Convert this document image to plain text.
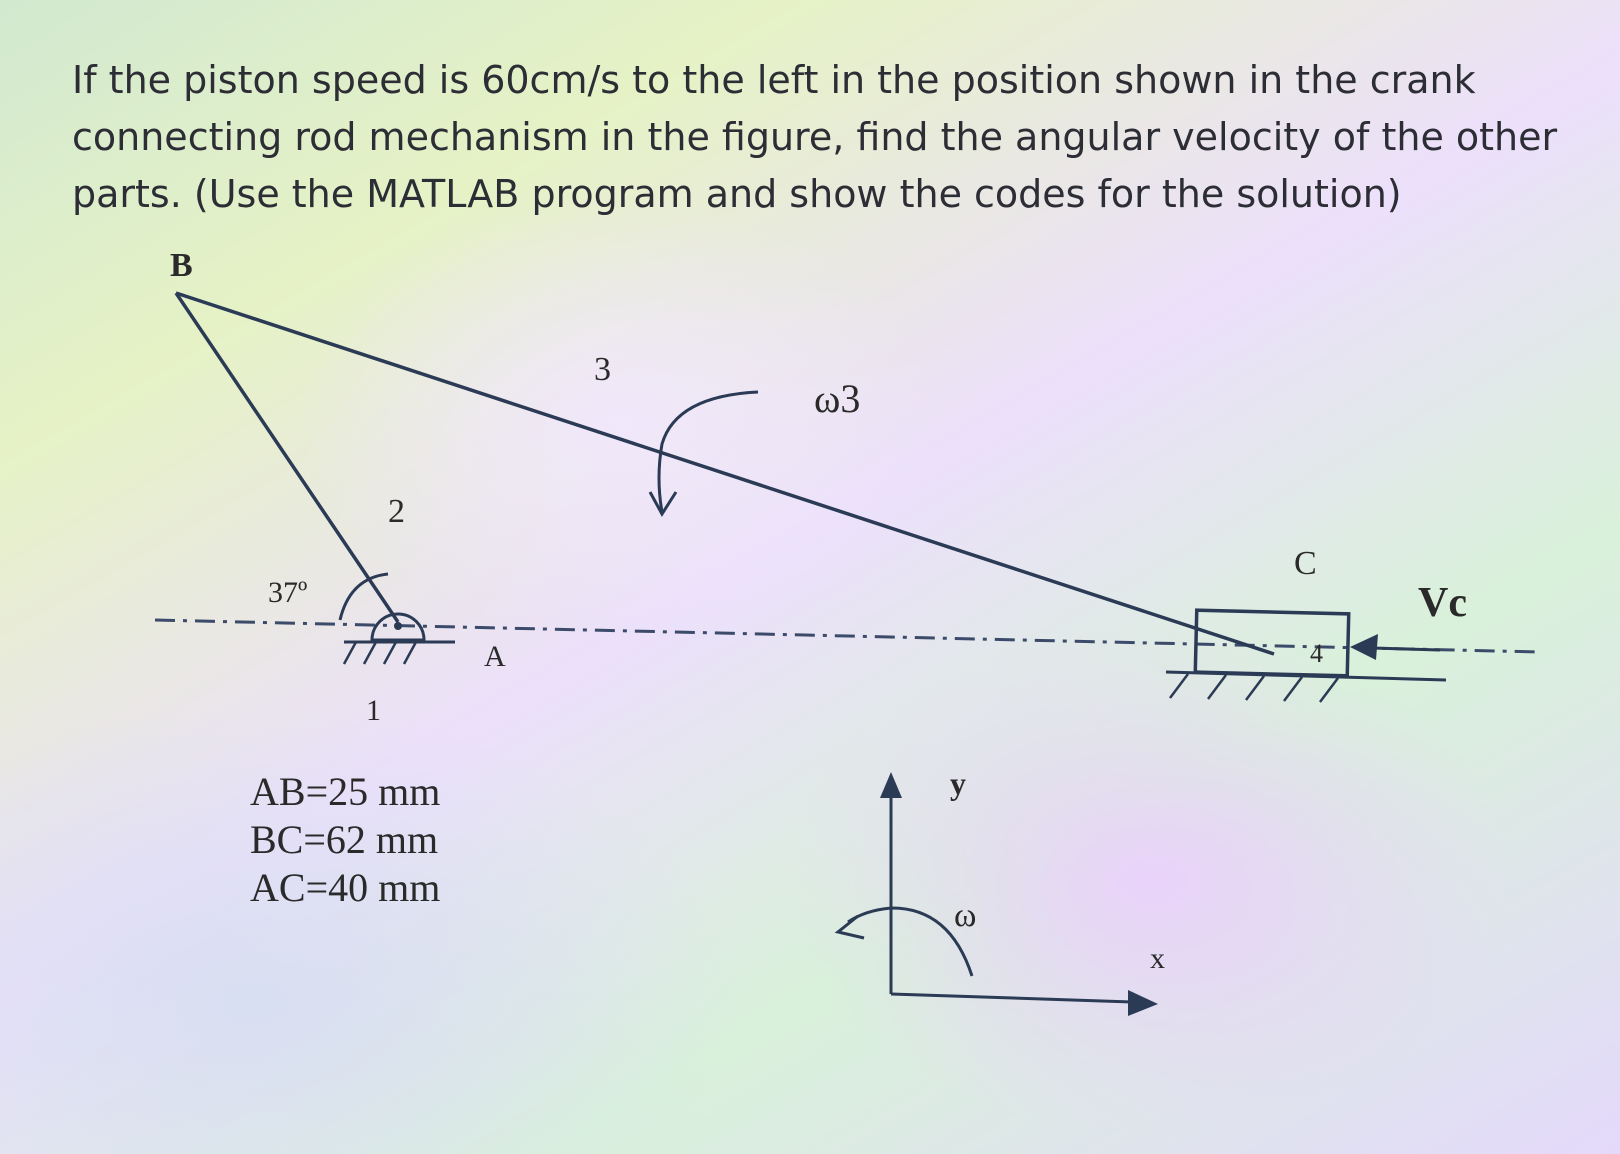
If the piston speed is 60cm/s to the left in the position shown in the crank connecting rod mechanism in the figure, find the angular velocity of the other parts. (Use the MATLAB program and show the codes for the solution)

B
3
ω3
2
37º
A
1
C
4
Vc
y
ω
x
AB=25 mm
BC=62 mm
AC=40 mm
